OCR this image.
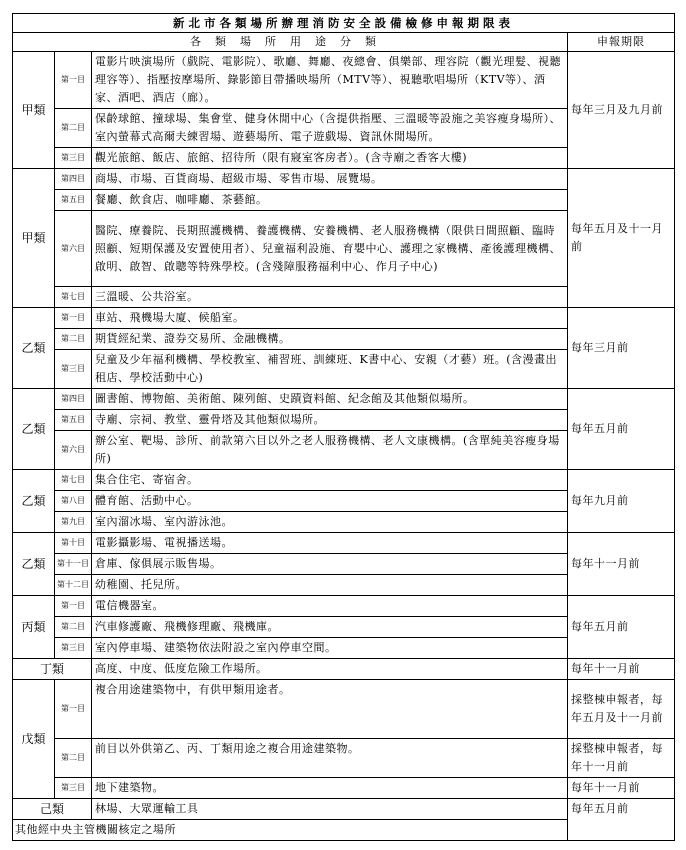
新北市各類場所辦理消防安全設備檢修申報期限表			
各類場所用途分類			申報期限
甲類	第一目	電影片映演場所（戲院、電影院）、歌廳、舞廳、夜總會、俱樂部、理容院（觀光理髮、視聽理容等）、指壓按摩場所、錄影節目帶播映場所（MTV等）、視聽歌唱場所（KTV等）、酒家、酒吧、酒店（廊）。	每年三月及九月前
	第二目	保齡球館、撞球場、集會堂、健身休閒中心（含提供指壓、三溫暖等設施之美容瘦身場所）、室內螢幕式高爾夫練習場、遊藝場所、電子遊戲場、資訊休閒場所。	
	第三目	觀光旅館、飯店、旅館、招待所（限有寢室客房者）。(含寺廟之香客大樓)	
甲類	第四目	商場、市場、百貨商場、超級市場、零售市場、展覽場。	每年五月及十一月前
	第五目	餐廳、飲食店、咖啡廳、茶藝館。	
	第六目	醫院、療養院、長期照護機構、養護機構、安養機構、老人服務機構（限供日間照顧、臨時照顧、短期保護及安置使用者）、兒童福利設施、育嬰中心、護理之家機構、產後護理機構、啟明、啟智、啟聰等特殊學校。(含殘障服務福利中心、作月子中心)	
	第七目	三溫暖、公共浴室。	
乙類	第一目	車站、飛機場大廈、候船室。	每年三月前
	第二目	期貨經紀業、證券交易所、金融機構。	
	第三目	兒童及少年福利機構、學校教室、補習班、訓練班、K書中心、安親（才藝）班。(含漫畫出租店、學校活動中心)	
乙類	第四目	圖書館、博物館、美術館、陳列館、史蹟資料館、紀念館及其他類似場所。	每年五月前
	第五目	寺廟、宗祠、教堂、靈骨塔及其他類似場所。	
	第六目	辦公室、靶場、診所、前款第六目以外之老人服務機構、老人文康機構。(含單純美容瘦身場所)	
乙類	第七目	集合住宅、寄宿舍。	每年九月前
	第八目	體育館、活動中心。	
	第九目	室內溜冰場、室內游泳池。	
乙類	第十目	電影攝影場、電視播送場。	每年十一月前
	第十一目	倉庫、傢俱展示販售場。	
	第十二目	幼稚園、托兒所。	
丙類	第一目	電信機器室。	每年五月前
	第二目	汽車修護廠、飛機修理廠、飛機庫。	
	第三目	室內停車場、建築物依法附設之室內停車空間。	
丁類		高度、中度、低度危險工作場所。	每年十一月前
戊類	第一目	複合用途建築物中，有供甲類用途者。	採整棟申報者，每年五月及十一月前
	第二目	前目以外供第乙、丙、丁類用途之複合用途建築物。	採整棟申報者，每年十一月前
	第三目	地下建築物。	每年十一月前
己類		林場、大眾運輸工具	每年五月前
其他經中央主管機關核定之場所			
